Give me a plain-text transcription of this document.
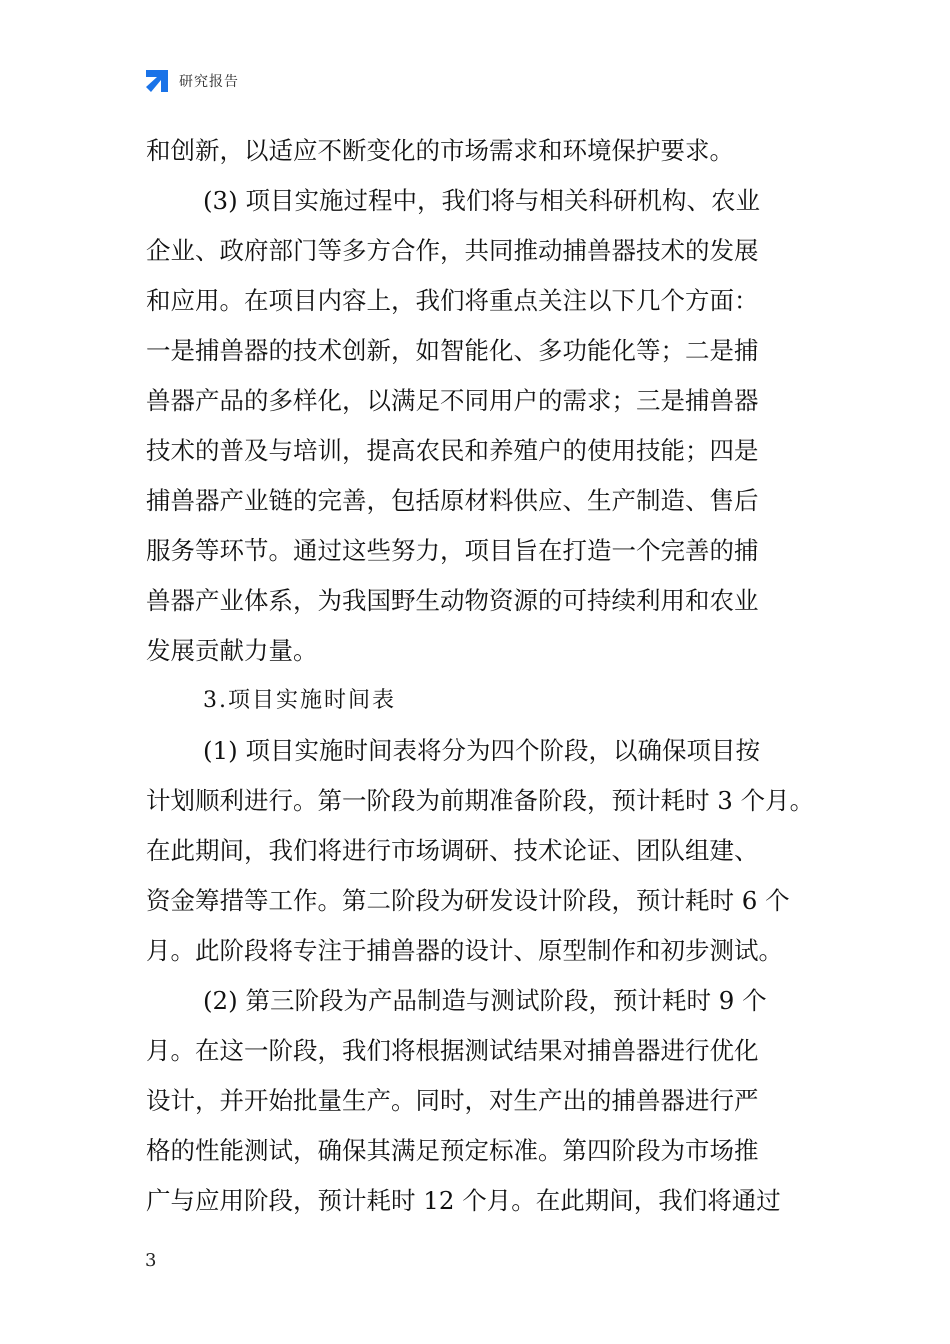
研究报告
和创新，以适应不断变化的市场需求和环境保护要求。
(3) 项目实施过程中，我们将与相关科研机构、农业
企业、政府部门等多方合作，共同推动捕兽器技术的发展
和应用。在项目内容上，我们将重点关注以下几个方面：
一是捕兽器的技术创新，如智能化、多功能化等；二是捕
兽器产品的多样化，以满足不同用户的需求；三是捕兽器
技术的普及与培训，提高农民和养殖户的使用技能；四是
捕兽器产业链的完善，包括原材料供应、生产制造、售后
服务等环节。通过这些努力，项目旨在打造一个完善的捕
兽器产业体系，为我国野生动物资源的可持续利用和农业
发展贡献力量。
3.项目实施时间表
(1) 项目实施时间表将分为四个阶段，以确保项目按
计划顺利进行。第一阶段为前期准备阶段，预计耗时 3 个月。
在此期间，我们将进行市场调研、技术论证、团队组建、
资金筹措等工作。第二阶段为研发设计阶段，预计耗时 6 个
月。此阶段将专注于捕兽器的设计、原型制作和初步测试。
(2) 第三阶段为产品制造与测试阶段，预计耗时 9 个
月。在这一阶段，我们将根据测试结果对捕兽器进行优化
设计，并开始批量生产。同时，对生产出的捕兽器进行严
格的性能测试，确保其满足预定标准。第四阶段为市场推
广与应用阶段，预计耗时 12 个月。在此期间，我们将通过
3
